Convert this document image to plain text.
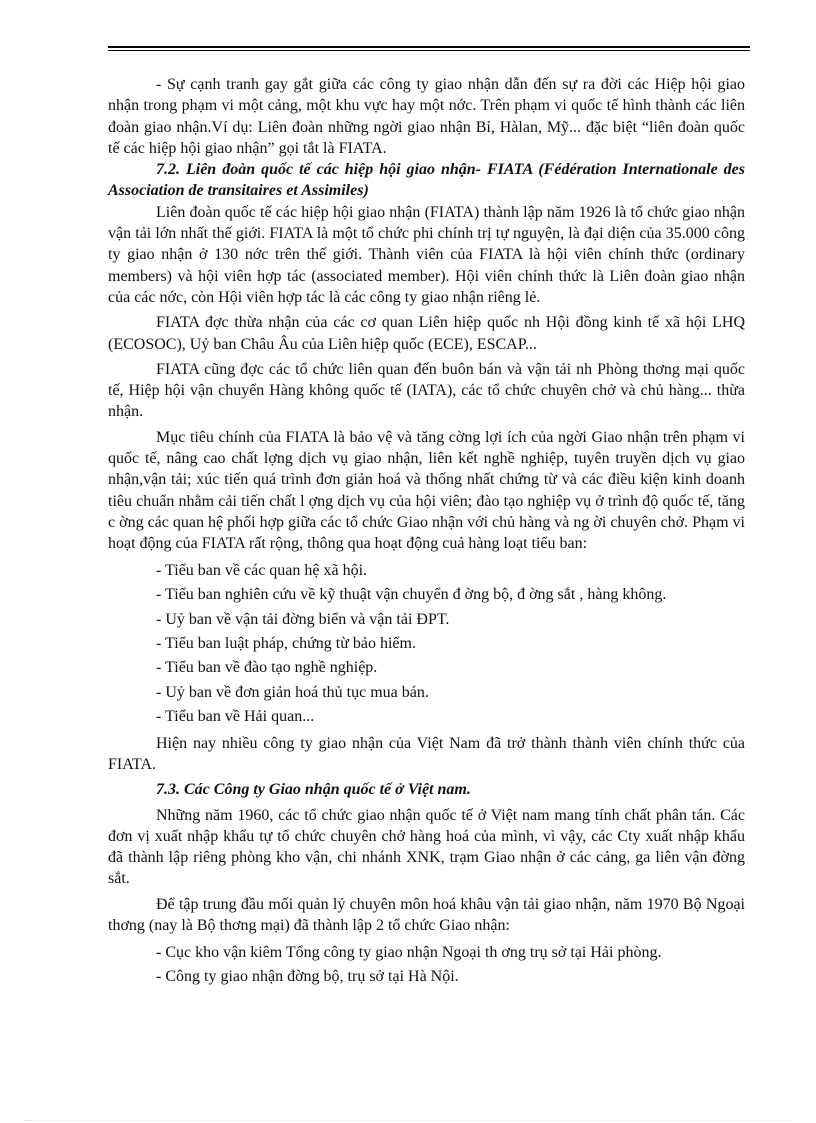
- Sự cạnh tranh gay gắt giữa các công ty giao nhận dẫn đến sự ra đời các Hiệp hội giao nhận trong phạm vi một cảng, một khu vực hay một nớc. Trên phạm vi quốc tế hình thành các liên đoàn giao nhận.Ví dụ: Liên đoàn những ngời giao nhận Bỉ, Hàlan, Mỹ... đặc biệt “liên đoàn quốc tế các hiệp hội giao nhận” gọi tắt là FIATA.

7.2. Liên đoàn quốc tế các hiệp hội giao nhận- FIATA (Fédération Internationale des Association de transitaires et Assimiles)

Liên đoàn quốc tế các hiệp hội giao nhận (FIATA) thành lập năm 1926 là tổ chức giao nhận vận tải lớn nhất thế giới. FIATA là một tổ chức phi chính trị tự nguyện, là đại diện của 35.000 công ty giao nhận ở 130 nớc trên thế giới. Thành viên của FIATA là hội viên chính thức (ordinary members) và hội viên hợp tác (associated member). Hội viên chính thức là Liên đoàn giao nhận của các nớc, còn Hội viên hợp tác là các công ty giao nhận riêng lẻ.

FIATA đợc thừa nhận của các cơ quan Liên hiệp quốc nh Hội đồng kinh tế xã hội LHQ (ECOSOC), Uỷ ban Châu Âu của Liên hiệp quốc (ECE), ESCAP...

FIATA cũng đợc các tổ chức liên quan đến buôn bán và vận tải nh Phòng thơng mại quốc tế, Hiệp hội vận chuyển Hàng không quốc tế (IATA), các tổ chức chuyên chở và chủ hàng... thừa nhận.

Mục tiêu chính của FIATA là bảo vệ và tăng cờng lợi ích của ngời Giao nhận trên phạm vi quốc tế, nâng cao chất lợng dịch vụ giao nhận, liên kết nghề nghiệp, tuyên truyền dịch vụ giao nhận,vận tải; xúc tiến quá trình đơn giản hoá và thống nhất chứng từ và các điều kiện kinh doanh tiêu chuẩn nhằm cải tiến chất l ợng dịch vụ của hội viên; đào tạo nghiệp vụ ở trình độ quốc tế, tăng c ờng các quan hệ phối hợp giữa các tổ chức Giao nhận với chủ hàng và ng ời chuyên chở. Phạm vi hoạt động của FIATA rất rộng, thông qua hoạt động cuả hàng loạt tiểu ban:

- Tiểu ban về các quan hệ xã hội.

- Tiểu ban nghiên cứu về kỹ thuật vận chuyển đ ờng bộ, đ ờng sắt , hàng không.

- Uỷ ban về vận tải đờng biển và vận tải ĐPT.

- Tiểu ban luật pháp, chứng từ bảo hiểm.

- Tiểu ban về đào tạo nghề nghiệp.

- Uỷ ban về đơn giản hoá thủ tục mua bán.

- Tiểu ban về Hải quan...

Hiện nay nhiều công ty giao nhận của Việt Nam đã trở thành thành viên chính thức của FIATA.

7.3. Các Công ty Giao nhận quốc tế ở Việt nam.

Những năm 1960, các tổ chức giao nhận quốc tế ở Việt nam mang tính chất phân tán. Các đơn vị xuất nhập khẩu tự tổ chức chuyên chở hàng hoá của mình, vì vậy, các Cty xuất nhập khẩu đã thành lập riêng phòng kho vận, chi nhánh XNK, trạm Giao nhận ở các cảng, ga liên vận đờng sắt.

Để tập trung đầu mối quản lý chuyên môn hoá khâu vận tải giao nhận, năm 1970 Bộ Ngoại thơng (nay là Bộ thơng mại) đã thành lập 2 tổ chức Giao nhận:

- Cục kho vận kiêm Tổng công ty giao nhận Ngoại th ơng trụ sở tại Hải phòng.

- Công ty giao nhận đờng bộ, trụ sở tại Hà Nội.
